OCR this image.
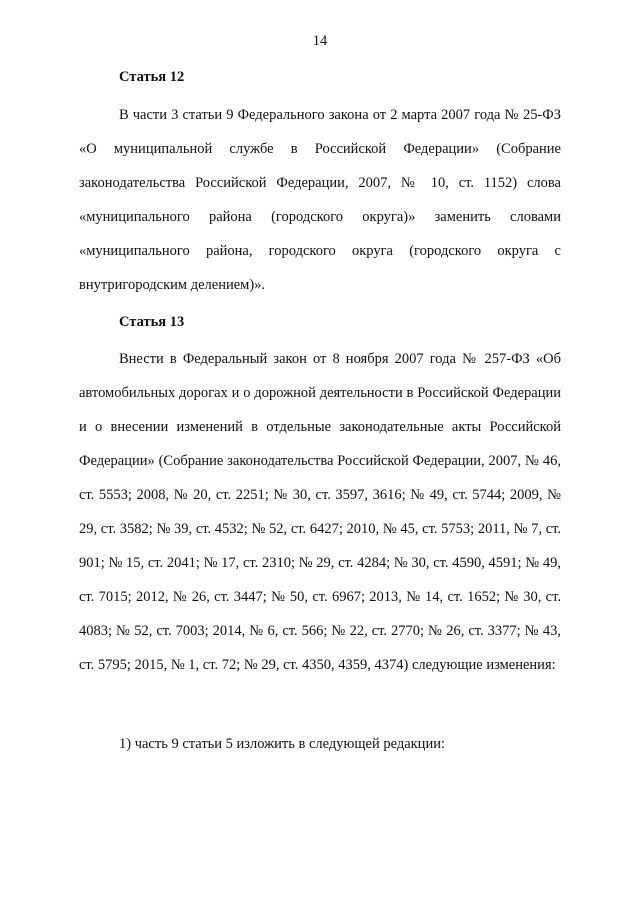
14
Статья 12
В части 3 статьи 9 Федерального закона от 2 марта 2007 года № 25-ФЗ «О муниципальной службе в Российской Федерации» (Собрание законодательства Российской Федерации, 2007, № 10, ст. 1152) слова «муниципального района (городского округа)» заменить словами «муниципального района, городского округа (городского округа с внутригородским делением)».
Статья 13
Внести в Федеральный закон от 8 ноября 2007 года № 257-ФЗ «Об автомобильных дорогах и о дорожной деятельности в Российской Федерации и о внесении изменений в отдельные законодательные акты Российской Федерации» (Собрание законодательства Российской Федерации, 2007, № 46, ст. 5553; 2008, № 20, ст. 2251; № 30, ст. 3597, 3616; № 49, ст. 5744; 2009, № 29, ст. 3582; № 39, ст. 4532; № 52, ст. 6427; 2010, № 45, ст. 5753; 2011, № 7, ст. 901; № 15, ст. 2041; № 17, ст. 2310; № 29, ст. 4284; № 30, ст. 4590, 4591; № 49, ст. 7015; 2012, № 26, ст. 3447; № 50, ст. 6967; 2013, № 14, ст. 1652; № 30, ст. 4083; № 52, ст. 7003; 2014, № 6, ст. 566; № 22, ст. 2770; № 26, ст. 3377; № 43, ст. 5795; 2015, № 1, ст. 72; № 29, ст. 4350, 4359, 4374) следующие изменения:
1) часть 9 статьи 5 изложить в следующей редакции:
